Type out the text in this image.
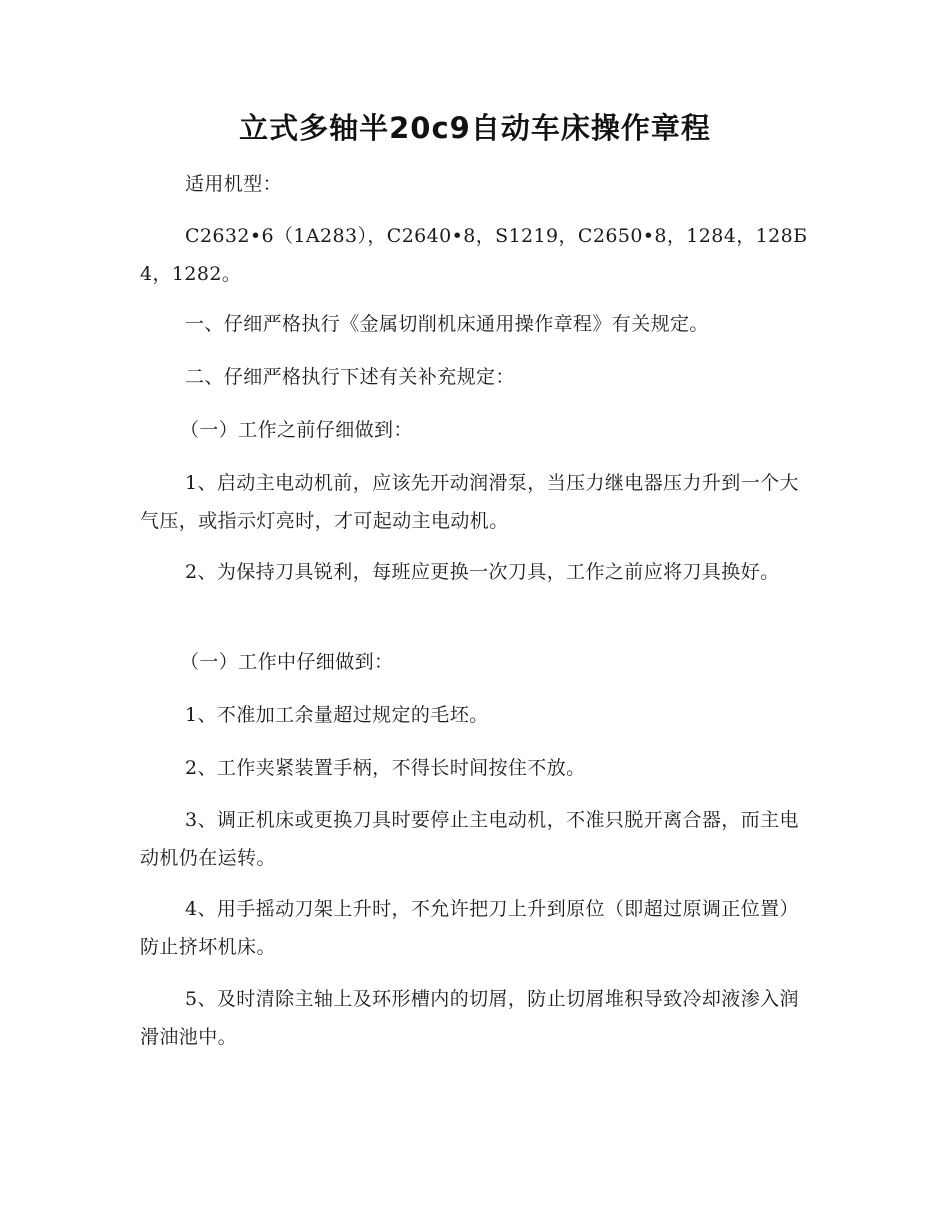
立式多轴半20c9自动车床操作章程

适用机型：

C2632•6（1A283），C2640•8，S1219，C2650•8，1284，128Б4，1282。

一、仔细严格执行《金属切削机床通用操作章程》有关规定。

二、仔细严格执行下述有关补充规定：

（一）工作之前仔细做到：

1、启动主电动机前，应该先开动润滑泵，当压力继电器压力升到一个大气压，或指示灯亮时，才可起动主电动机。

2、为保持刀具锐利，每班应更换一次刀具，工作之前应将刀具换好。

（一）工作中仔细做到：

1、不准加工余量超过规定的毛坯。

2、工作夹紧装置手柄，不得长时间按住不放。

3、调正机床或更换刀具时要停止主电动机，不准只脱开离合器，而主电动机仍在运转。

4、用手摇动刀架上升时，不允许把刀上升到原位（即超过原调正位置）防止挤坏机床。

5、及时清除主轴上及环形槽内的切屑，防止切屑堆积导致冷却液渗入润滑油池中。
